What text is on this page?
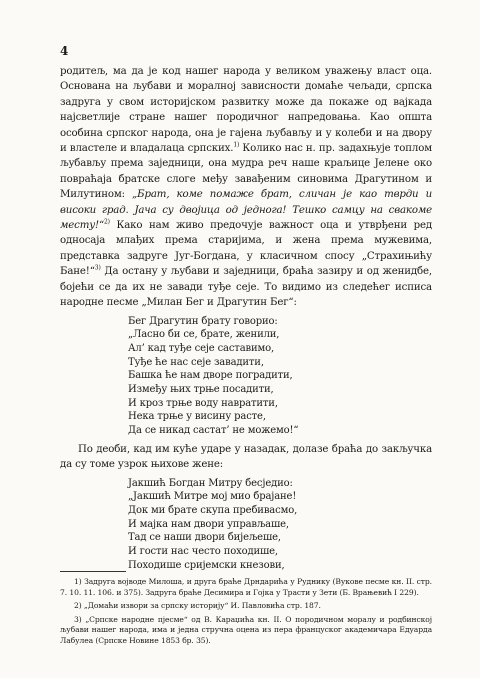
4

родитељ, ма да је код нашег народа у великом уважењу власт оца. Основана на љубави и моралној зависности домаће чељади, српска задруга у свом историјском развитку може да покаже од вајкада најсветлије стране нашег породичног напредовања. Као општа особина српског народа, она је гајена љубављу и у колеби и на двору и властеле и владалаца српских.$^{1)}$ Колико нас н. пр. задахњује топлом љубављу према заједници, она мудра реч наше краљице Јелене око повраћаја братске слоге међу завађеним синовима Драгутином и Милутином: „Брат, коме помаже брат, сличан је као тврди и високи град. Јача су двојица од једнога! Тешко самцу на свакоме месту!“$^{2)}$ Како нам живо предочује важност оца и утврђени ред односаја млађих према старијима, и жена према мужевима, представка задруге Југ-Богдана, у класичном спосу „Страхињићу Бане!“$^{3)}$ Да остану у љубави и заједници, браћа зазиру и од женидбе, бојећи се да их не завади туђе сеје. То видимо из следећег исписа народне песме „Милан Бег и Драгутин Бег“:

Бег Драгутин брату говорио:
„Ласно би се, брате, женили,
Ал’ кад туђе сеје саставимо,
Туђе ће нас сеје завадити,
Башка ће нам дворе поградити,
Између њих трње посадити,
И кроз трње воду навратити,
Нека трње у висину расте,
Да се никад састат’ не можемо!“

По деоби, кад им куће ударе у назадак, долазе браћа до закључка да су томе узрок њихове жене:

Јакшић Богдан Митру бесједио:
„Јакшић Митре мој мио брајане!
Док ми брате скупа пребивасмо,
И мајка нам двори управљаше,
Тад се наши двори бијељеше,
И гости нас често походише,
Походише сријемски кнезови,

1) Задруга војводе Милоша, и друга браће Дрндарића у Руднику (Вукове песме кн. II. стр. 7. 10. 11. 106. и 375). Задруга браће Десимира и Гојка у Трасти у Зети (Б. Врањевић I 229).

2) „Домаћи извори за српску историју“ И. Павловића стр. 187.

3) „Српске народне пјесме“ од В. Караџића кн. II. О породичном моралу и родбинској љубави нашег народа, има и једна стручна оцена из пера француског академичара Едуарда Лабулеа (Српске Новине 1853 бр. 35).
